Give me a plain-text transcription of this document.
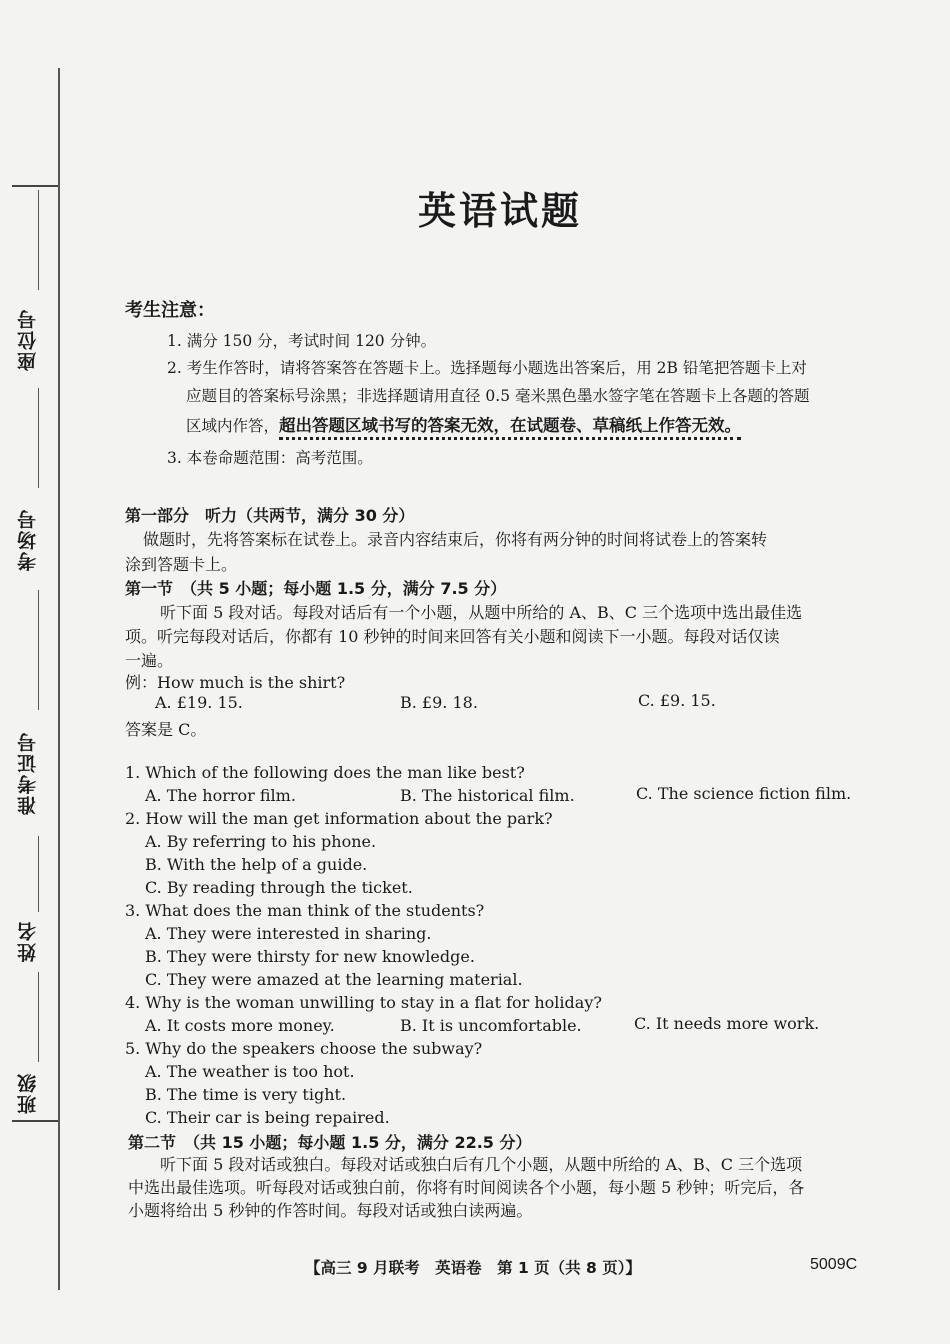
座位号
考场号
准考证号
姓名
班级
英语试题
考生注意：
1. 满分 150 分，考试时间 120 分钟。
2. 考生作答时，请将答案答在答题卡上。选择题每小题选出答案后，用 2B 铅笔把答题卡上对
应题目的答案标号涂黑；非选择题请用直径 0.5 毫米黑色墨水签字笔在答题卡上各题的答题
区域内作答，超出答题区域书写的答案无效，在试题卷、草稿纸上作答无效。
3. 本卷命题范围：高考范围。
第一部分　听力（共两节，满分 30 分）
做题时，先将答案标在试卷上。录音内容结束后，你将有两分钟的时间将试卷上的答案转
涂到答题卡上。
第一节　（共 5 小题；每小题 1.5 分，满分 7.5 分）
听下面 5 段对话。每段对话后有一个小题，从题中所给的 A、B、C 三个选项中选出最佳选
项。听完每段对话后，你都有 10 秒钟的时间来回答有关小题和阅读下一小题。每段对话仅读
一遍。
例：How much is the shirt?
A. £19. 15.	B. £9. 18.	C. £9. 15.
答案是 C。
1. Which of the following does the man like best?
A. The horror film.	B. The historical film.	C. The science fiction film.
2. How will the man get information about the park?
A. By referring to his phone.
B. With the help of a guide.
C. By reading through the ticket.
3. What does the man think of the students?
A. They were interested in sharing.
B. They were thirsty for new knowledge.
C. They were amazed at the learning material.
4. Why is the woman unwilling to stay in a flat for holiday?
A. It costs more money.	B. It is uncomfortable.	C. It needs more work.
5. Why do the speakers choose the subway?
A. The weather is too hot.
B. The time is very tight.
C. Their car is being repaired.
第二节　（共 15 小题；每小题 1.5 分，满分 22.5 分）
听下面 5 段对话或独白。每段对话或独白后有几个小题，从题中所给的 A、B、C 三个选项
中选出最佳选项。听每段对话或独白前，你将有时间阅读各个小题，每小题 5 秒钟；听完后，各
小题将给出 5 秒钟的作答时间。每段对话或独白读两遍。
【高三 9 月联考　英语卷　第 1 页（共 8 页）】	5009C
